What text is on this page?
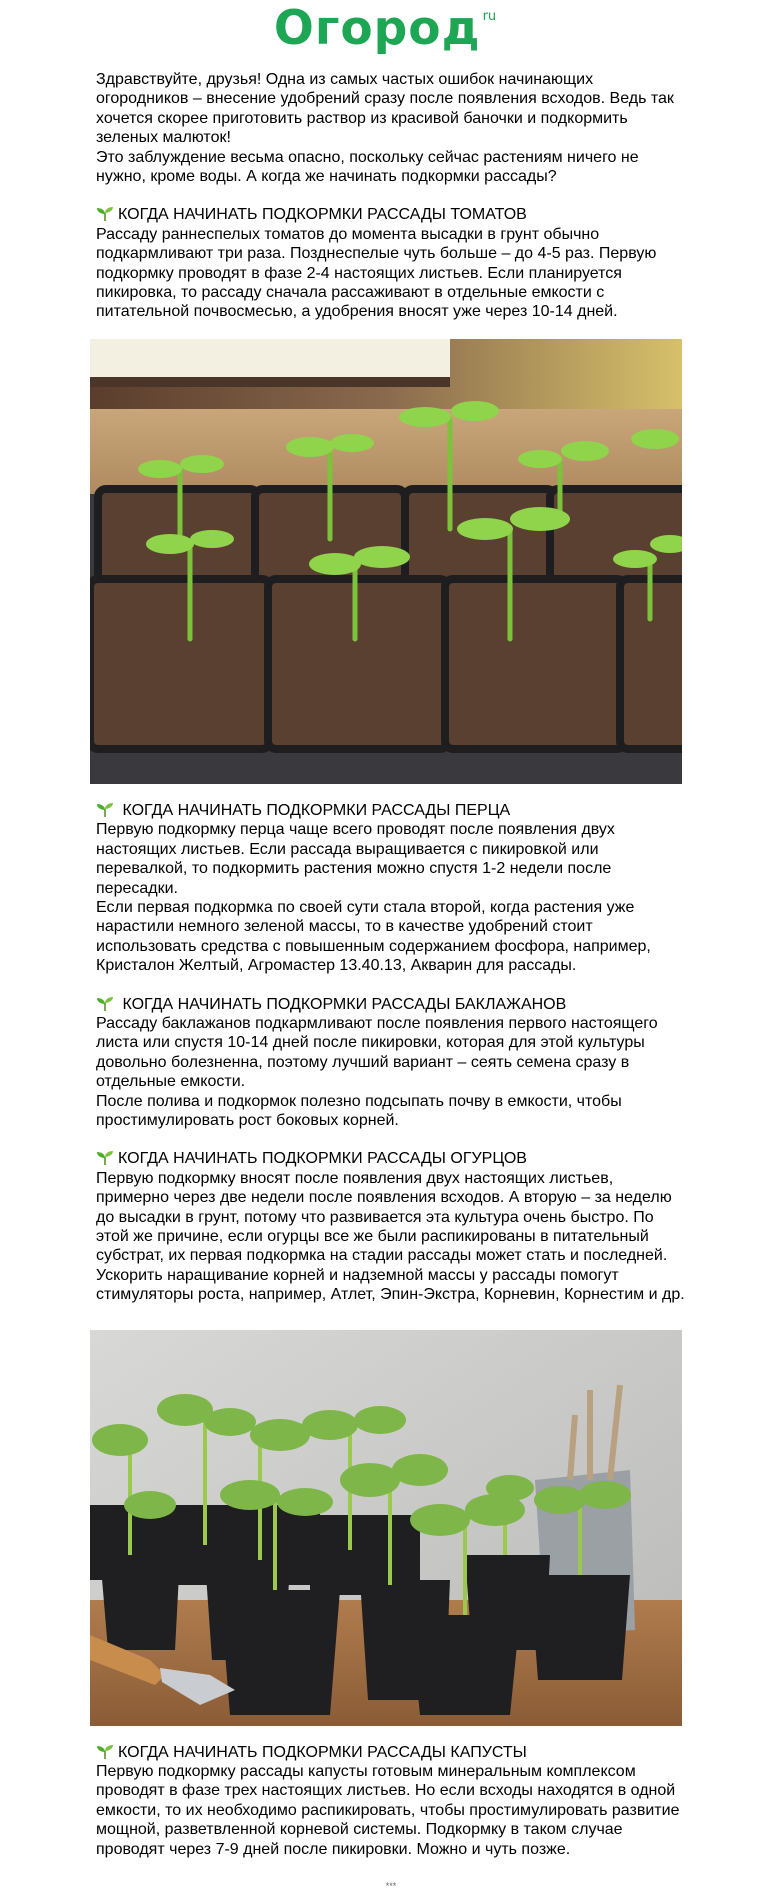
Огород ru

Здравствуйте, друзья! Одна из самых частых ошибок начинающих огородников – внесение удобрений сразу после появления всходов. Ведь так хочется скорее приготовить раствор из красивой баночки и подкормить зеленых малюток!

Это заблуждение весьма опасно, поскольку сейчас растениям ничего не нужно, кроме воды. А когда же начинать подкормки рассады?

КОГДА НАЧИНАТЬ ПОДКОРМКИ РАССАДЫ ТОМАТОВ

Рассаду раннеспелых томатов до момента высадки в грунт обычно подкармливают три раза. Позднеспелые чуть больше – до 4-5 раз. Первую подкормку проводят в фазе 2-4 настоящих листьев. Если планируется пикировка, то рассаду сначала рассаживают в отдельные емкости с питательной почвосмесью, а удобрения вносят уже через 10-14 дней.

КОГДА НАЧИНАТЬ ПОДКОРМКИ РАССАДЫ ПЕРЦА

Первую подкормку перца чаще всего проводят после появления двух настоящих листьев. Если рассада выращивается с пикировкой или перевалкой, то подкормить растения можно спустя 1-2 недели после пересадки.

Если первая подкормка по своей сути стала второй, когда растения уже нарастили немного зеленой массы, то в качестве удобрений стоит использовать средства с повышенным содержанием фосфора, например, Кристалон Желтый, Агромастер 13.40.13, Акварин для рассады.

КОГДА НАЧИНАТЬ ПОДКОРМКИ РАССАДЫ БАКЛАЖАНОВ

Рассаду баклажанов подкармливают после появления первого настоящего листа или спустя 10-14 дней после пикировки, которая для этой культуры довольно болезненна, поэтому лучший вариант – сеять семена сразу в отдельные емкости.

После полива и подкормок полезно подсыпать почву в емкости, чтобы простимулировать рост боковых корней.

КОГДА НАЧИНАТЬ ПОДКОРМКИ РАССАДЫ ОГУРЦОВ

Первую подкормку вносят после появления двух настоящих листьев, примерно через две недели после появления всходов. А вторую – за неделю до высадки в грунт, потому что развивается эта культура очень быстро. По этой же причине, если огурцы все же были распикированы в питательный субстрат, их первая подкормка на стадии рассады может стать и последней. Ускорить наращивание корней и надземной массы у рассады помогут стимуляторы роста, например, Атлет, Эпин-Экстра, Корневин, Корнестим и др.

КОГДА НАЧИНАТЬ ПОДКОРМКИ РАССАДЫ КАПУСТЫ

Первую подкормку рассады капусты готовым минеральным комплексом проводят в фазе трех настоящих листьев. Но если всходы находятся в одной емкости, то их необходимо распикировать, чтобы простимулировать развитие мощной, разветвленной корневой системы. Подкормку в таком случае проводят через 7-9 дней после пикировки. Можно и чуть позже.

***
